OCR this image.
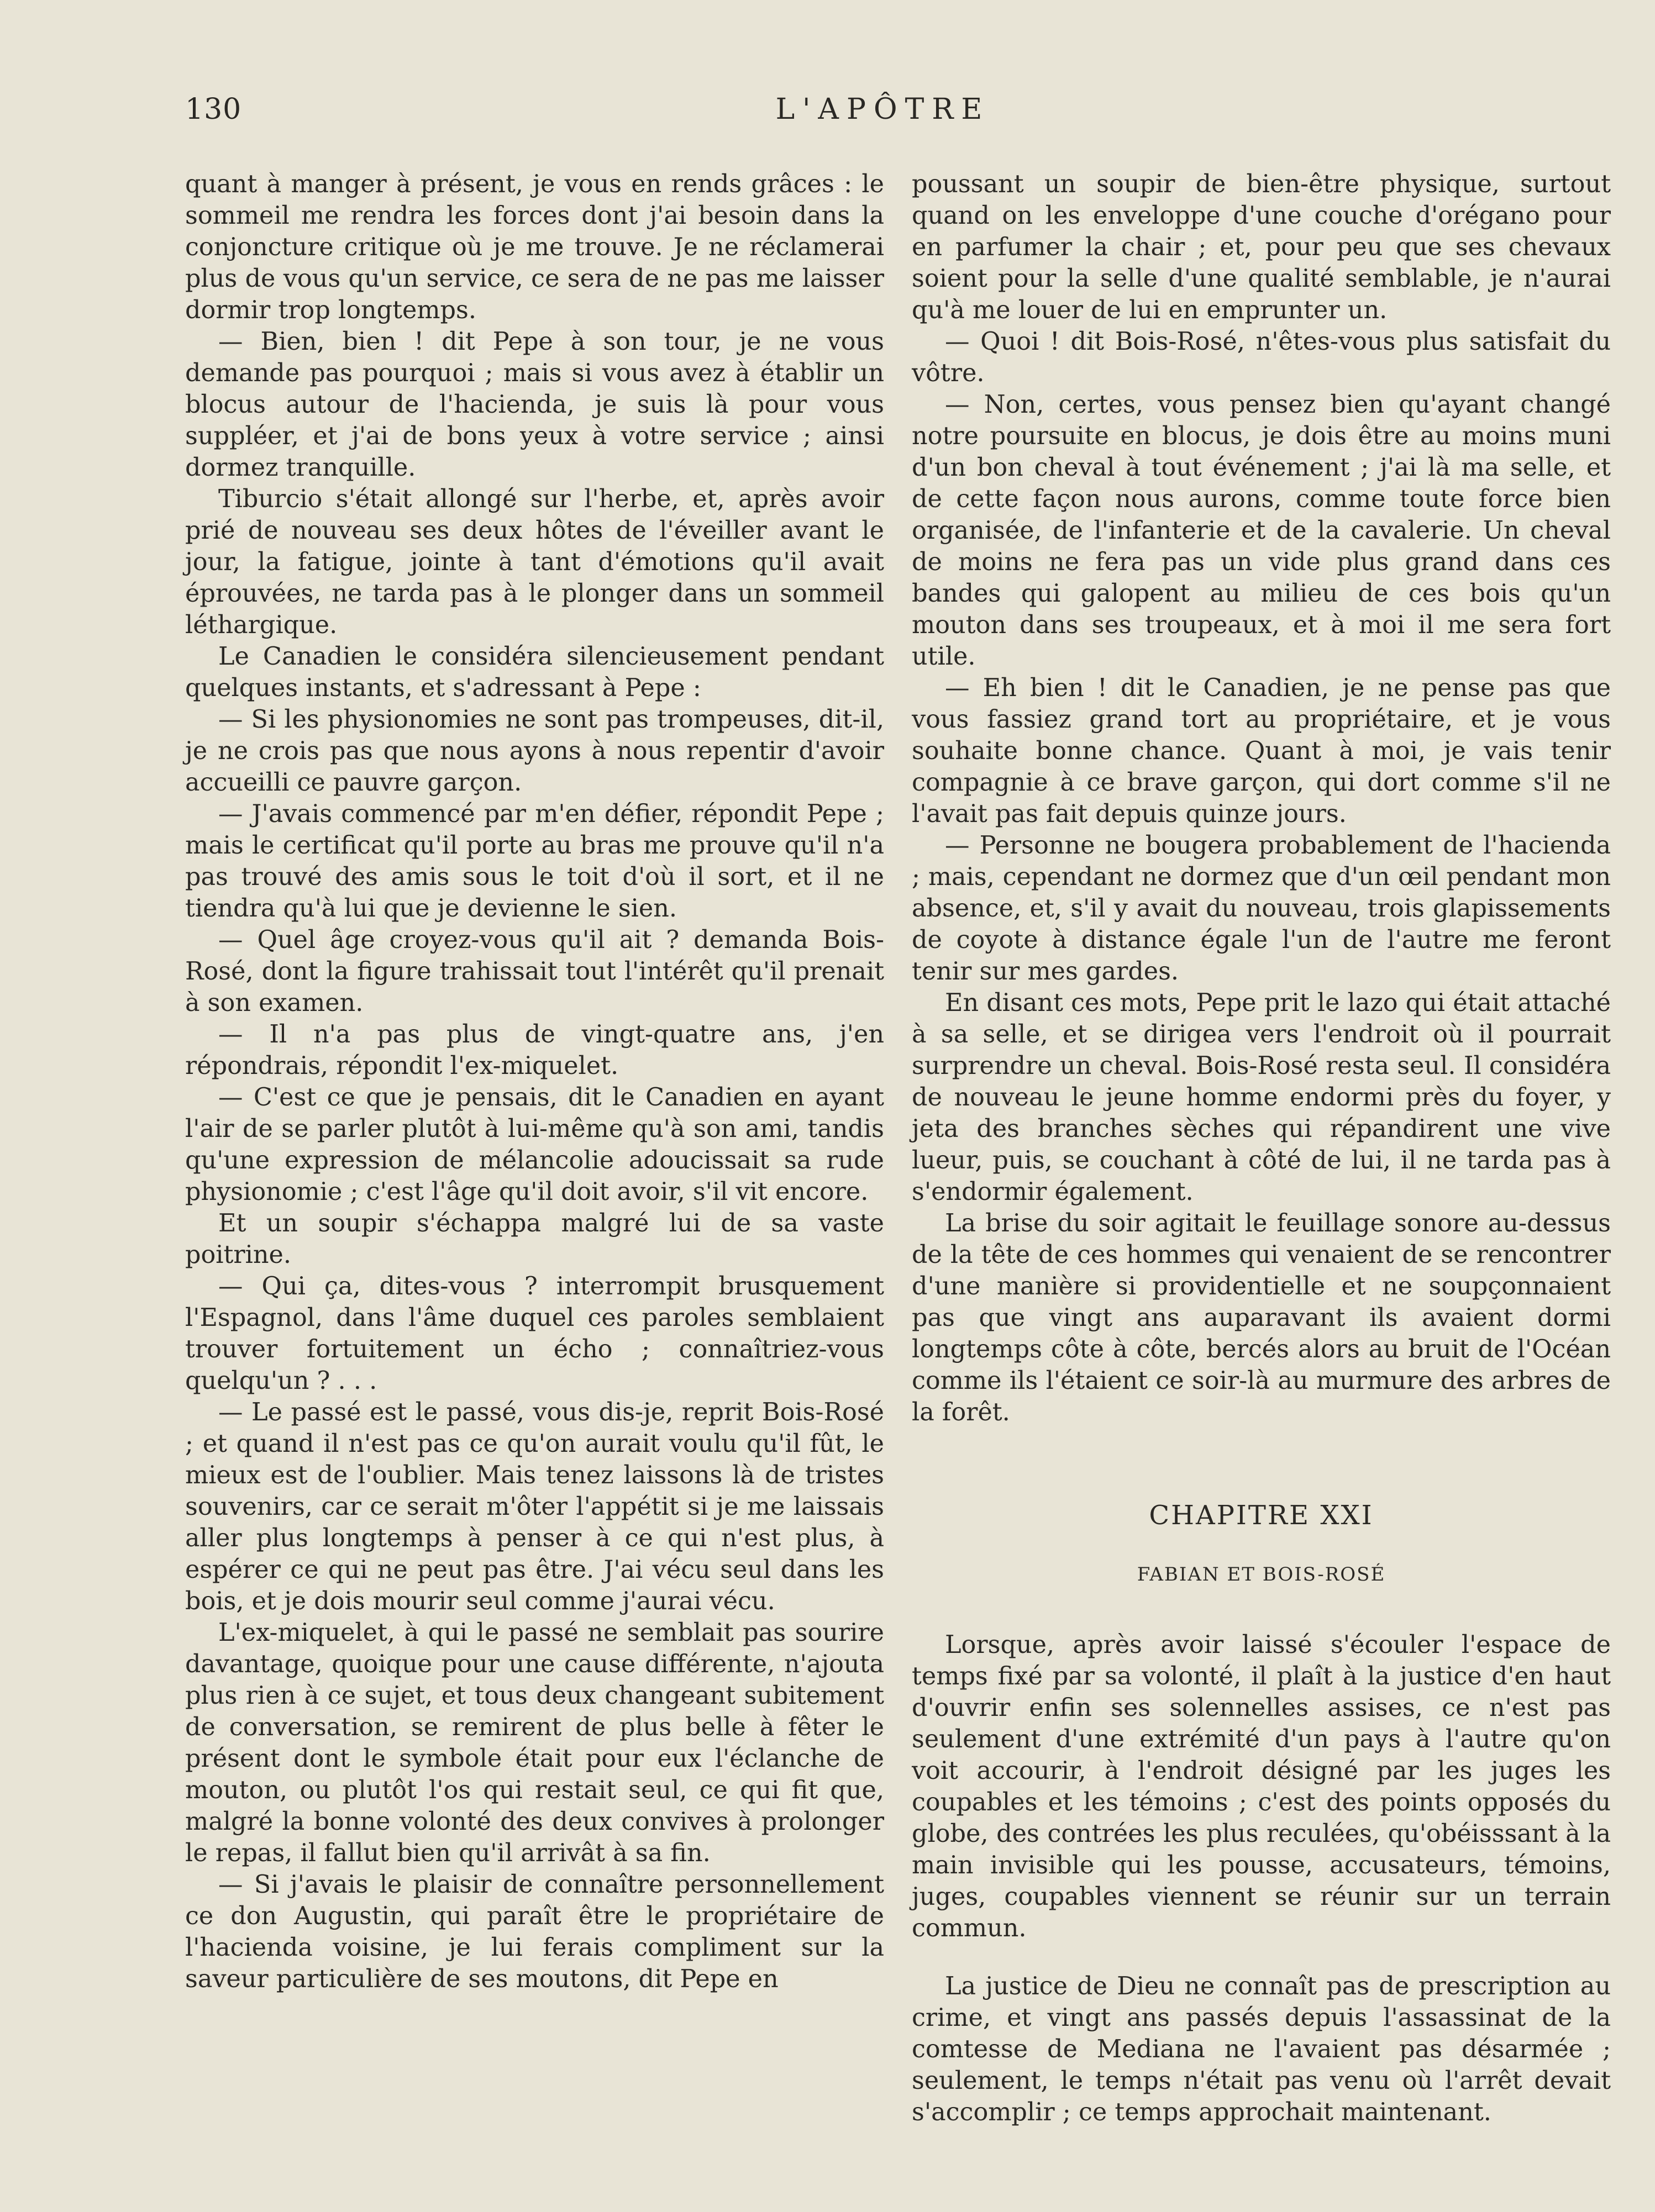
130	L'APÔTRE

quant à manger à présent, je vous en rends grâces : le sommeil me rendra les forces dont j'ai besoin dans la conjoncture critique où je me trouve. Je ne réclamerai plus de vous qu'un service, ce sera de ne pas me laisser dormir trop longtemps.

— Bien, bien ! dit Pepe à son tour, je ne vous demande pas pourquoi ; mais si vous avez à établir un blocus autour de l'hacienda, je suis là pour vous suppléer, et j'ai de bons yeux à votre service ; ainsi dormez tranquille.

Tiburcio s'était allongé sur l'herbe, et, après avoir prié de nouveau ses deux hôtes de l'éveiller avant le jour, la fatigue, jointe à tant d'émotions qu'il avait éprouvées, ne tarda pas à le plonger dans un sommeil léthargique.

Le Canadien le considéra silencieusement pendant quelques instants, et s'adressant à Pepe :

— Si les physionomies ne sont pas trompeuses, dit-il, je ne crois pas que nous ayons à nous repentir d'avoir accueilli ce pauvre garçon.

— J'avais commencé par m'en défier, répondit Pepe ; mais le certificat qu'il porte au bras me prouve qu'il n'a pas trouvé des amis sous le toit d'où il sort, et il ne tiendra qu'à lui que je devienne le sien.

— Quel âge croyez-vous qu'il ait ? demanda Bois-Rosé, dont la figure trahissait tout l'intérêt qu'il prenait à son examen.

— Il n'a pas plus de vingt-quatre ans, j'en répondrais, répondit l'ex-miquelet.

— C'est ce que je pensais, dit le Canadien en ayant l'air de se parler plutôt à lui-même qu'à son ami, tandis qu'une expression de mélancolie adoucissait sa rude physionomie ; c'est l'âge qu'il doit avoir, s'il vit encore.

Et un soupir s'échappa malgré lui de sa vaste poitrine.

— Qui ça, dites-vous ? interrompit brusquement l'Espagnol, dans l'âme duquel ces paroles semblaient trouver fortuitement un écho ; connaîtriez-vous quelqu'un ? . . .

— Le passé est le passé, vous dis-je, reprit Bois-Rosé ; et quand il n'est pas ce qu'on aurait voulu qu'il fût, le mieux est de l'oublier. Mais tenez laissons là de tristes souvenirs, car ce serait m'ôter l'appétit si je me laissais aller plus longtemps à penser à ce qui n'est plus, à espérer ce qui ne peut pas être. J'ai vécu seul dans les bois, et je dois mourir seul comme j'aurai vécu.

L'ex-miquelet, à qui le passé ne semblait pas sourire davantage, quoique pour une cause différente, n'ajouta plus rien à ce sujet, et tous deux changeant subitement de conversation, se remirent de plus belle à fêter le présent dont le symbole était pour eux l'éclanche de mouton, ou plutôt l'os qui restait seul, ce qui fit que, malgré la bonne volonté des deux convives à prolonger le repas, il fallut bien qu'il arrivât à sa fin.

— Si j'avais le plaisir de connaître personnellement ce don Augustin, qui paraît être le propriétaire de l'hacienda voisine, je lui ferais compliment sur la saveur particulière de ses moutons, dit Pepe en

poussant un soupir de bien-être physique, surtout quand on les enveloppe d'une couche d'orégano pour en parfumer la chair ; et, pour peu que ses chevaux soient pour la selle d'une qualité semblable, je n'aurai qu'à me louer de lui en emprunter un.

— Quoi ! dit Bois-Rosé, n'êtes-vous plus satisfait du vôtre.

— Non, certes, vous pensez bien qu'ayant changé notre poursuite en blocus, je dois être au moins muni d'un bon cheval à tout événement ; j'ai là ma selle, et de cette façon nous aurons, comme toute force bien organisée, de l'infanterie et de la cavalerie. Un cheval de moins ne fera pas un vide plus grand dans ces bandes qui galopent au milieu de ces bois qu'un mouton dans ses troupeaux, et à moi il me sera fort utile.

— Eh bien ! dit le Canadien, je ne pense pas que vous fassiez grand tort au propriétaire, et je vous souhaite bonne chance. Quant à moi, je vais tenir compagnie à ce brave garçon, qui dort comme s'il ne l'avait pas fait depuis quinze jours.

— Personne ne bougera probablement de l'hacienda ; mais, cependant ne dormez que d'un œil pendant mon absence, et, s'il y avait du nouveau, trois glapissements de coyote à distance égale l'un de l'autre me feront tenir sur mes gardes.

En disant ces mots, Pepe prit le lazo qui était attaché à sa selle, et se dirigea vers l'endroit où il pourrait surprendre un cheval. Bois-Rosé resta seul. Il considéra de nouveau le jeune homme endormi près du foyer, y jeta des branches sèches qui répandirent une vive lueur, puis, se couchant à côté de lui, il ne tarda pas à s'endormir également.

La brise du soir agitait le feuillage sonore au-dessus de la tête de ces hommes qui venaient de se rencontrer d'une manière si providentielle et ne soupçonnaient pas que vingt ans auparavant ils avaient dormi longtemps côte à côte, bercés alors au bruit de l'Océan comme ils l'étaient ce soir-là au murmure des arbres de la forêt.

CHAPITRE XXI
FABIAN ET BOIS-ROSÉ

Lorsque, après avoir laissé s'écouler l'espace de temps fixé par sa volonté, il plaît à la justice d'en haut d'ouvrir enfin ses solennelles assises, ce n'est pas seulement d'une extrémité d'un pays à l'autre qu'on voit accourir, à l'endroit désigné par les juges les coupables et les témoins ; c'est des points opposés du globe, des contrées les plus reculées, qu'obéisssant à la main invisible qui les pousse, accusateurs, témoins, juges, coupables viennent se réunir sur un terrain commun.

La justice de Dieu ne connaît pas de prescription au crime, et vingt ans passés depuis l'assassinat de la comtesse de Mediana ne l'avaient pas désarmée ; seulement, le temps n'était pas venu où l'arrêt devait s'accomplir ; ce temps approchait maintenant.
